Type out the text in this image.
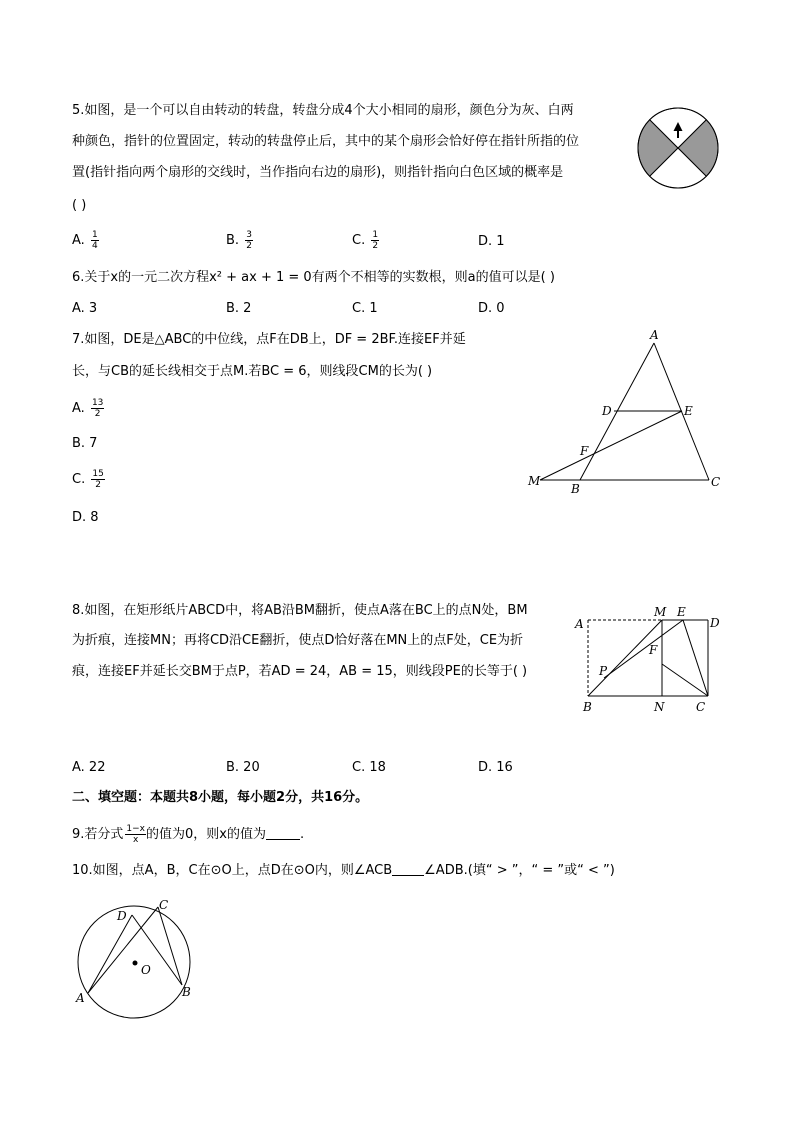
5.如图，是一个可以自由转动的转盘，转盘分成4个大小相同的扇形，颜色分为灰、白两
种颜色，指针的位置固定，转动的转盘停止后，其中的某个扇形会恰好停在指针所指的位
置(指针指向两个扇形的交线时，当作指向右边的扇形)，则指针指向白色区域的概率是
( )
A. $\frac{1}{4}$	B. $\frac{3}{2}$	C. $\frac{1}{2}$	D. 1
6.关于x的一元二次方程x² + ax + 1 = 0有两个不相等的实数根，则a的值可以是( )
A. 3	B. 2	C. 1	D. 0
7.如图，DE是△ABC的中位线，点F在DB上，DF = 2BF.连接EF并延
长，与CB的延长线相交于点M.若BC = 6，则线段CM的长为( )
A. $\frac{13}{2}$
B. 7
C. $\frac{15}{2}$
D. 8
A
D	E
F
M
B	C
8.如图，在矩形纸片ABCD中，将AB沿BM翻折，使点A落在BC上的点N处，BM
为折痕，连接MN；再将CD沿CE翻折，使点D恰好落在MN上的点F处，CE为折
痕，连接EF并延长交BM于点P，若AD = 24，AB = 15，则线段PE的长等于( )
A
M E
D
F
P
B	N	C
A. 22	B. 20	C. 18	D. 16
二、填空题：本题共8小题，每小题2分，共16分。
9.若分式 $\frac{1-x}{x}$ 的值为0，则x的值为	.
10.如图，点A，B，C在⊙O上，点D在⊙O内，则∠ACB ∠ADB.(填“ > ”，“ = ”或“ < ”)
D
C
O
A	B
